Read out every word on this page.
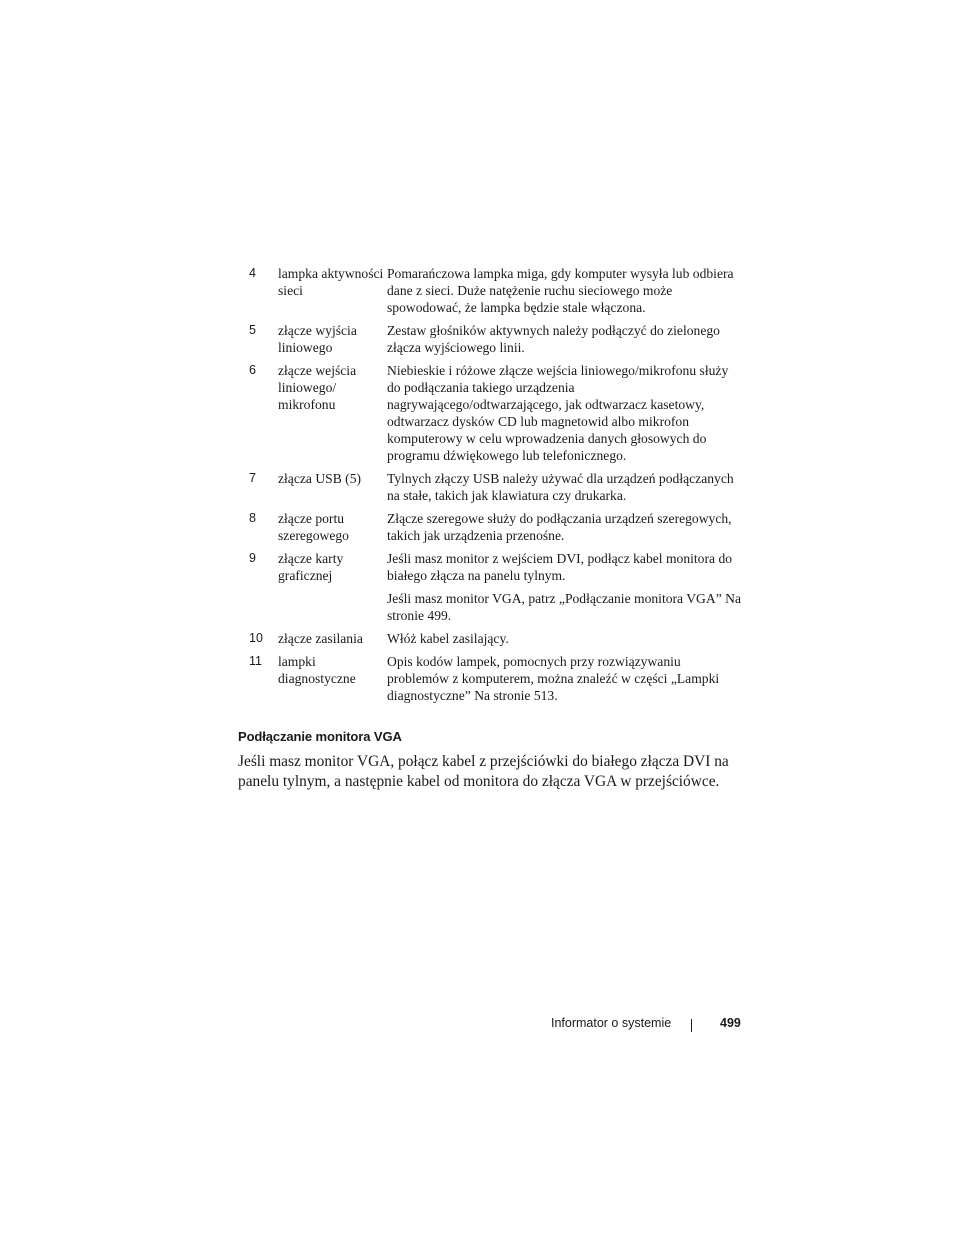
4	lampka aktywności sieci	Pomarańczowa lampka miga, gdy komputer wysyła lub odbiera dane z sieci. Duże natężenie ruchu sieciowego może spowodować, że lampka będzie stale włączona.

5	złącze wyjścia liniowego	Zestaw głośników aktywnych należy podłączyć do zielonego złącza wyjściowego linii.

6	złącze wejścia liniowego/ mikrofonu	Niebieskie i różowe złącze wejścia liniowego/mikrofonu służy do podłączania takiego urządzenia nagrywającego/odtwarzającego, jak odtwarzacz kasetowy, odtwarzacz dysków CD lub magnetowid albo mikrofon komputerowy w celu wprowadzenia danych głosowych do programu dźwiękowego lub telefonicznego.

7	złącza USB (5)	Tylnych złączy USB należy używać dla urządzeń podłączanych na stałe, takich jak klawiatura czy drukarka.

8	złącze portu szeregowego	Złącze szeregowe służy do podłączania urządzeń szeregowych, takich jak urządzenia przenośne.

9	złącze karty graficznej	Jeśli masz monitor z wejściem DVI, podłącz kabel monitora do białego złącza na panelu tylnym.
Jeśli masz monitor VGA, patrz „Podłączanie monitora VGA” Na stronie 499.

10	złącze zasilania	Włóż kabel zasilający.

11	lampki diagnostyczne	Opis kodów lampek, pomocnych przy rozwiązywaniu problemów z komputerem, można znaleźć w części „Lampki diagnostyczne” Na stronie 513.
Podłączanie monitora VGA

Jeśli masz monitor VGA, połącz kabel z przejściówki do białego złącza DVI na panelu tylnym, a następnie kabel od monitora do złącza VGA w przejściówce.

Informator o systemie	499
